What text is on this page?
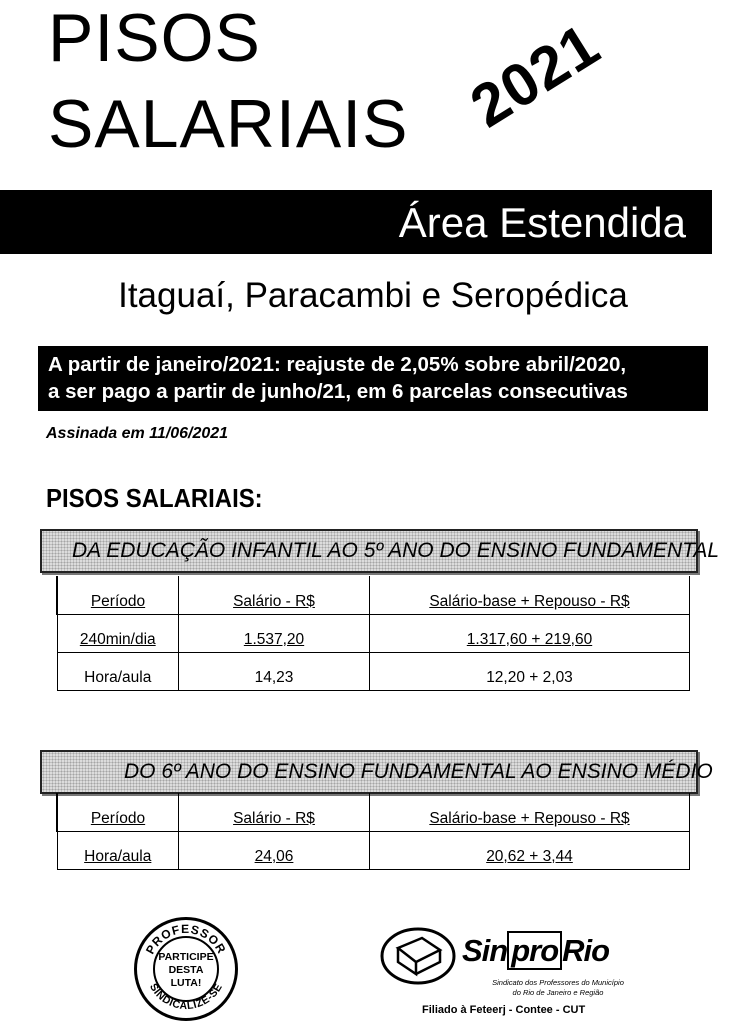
PISOS
SALARIAIS 2021
Área Estendida
Itaguaí, Paracambi e Seropédica
A partir de janeiro/2021: reajuste de 2,05% sobre abril/2020,
a ser pago a partir de junho/21, em 6 parcelas consecutivas
Assinada em 11/06/2021
PISOS SALARIAIS:
DA EDUCAÇÃO INFANTIL AO 5º ANO DO ENSINO FUNDAMENTAL
Período	Salário - R$	Salário-base + Repouso - R$
240min/dia	1.537,20	1.317,60 + 219,60
Hora/aula	14,23	12,20 + 2,03
DO 6º ANO DO ENSINO FUNDAMENTAL AO ENSINO MÉDIO
Período	Salário - R$	Salário-base + Repouso - R$
Hora/aula	24,06	20,62 + 3,44
PROFESSOR
SINDICALIZE-SE
PARTICIPE
DESTA
LUTA!
Sin pro Rio
Sindicato dos Professores do Município
do Rio de Janeiro e Região
Filiado à Feteerj - Contee - CUT
